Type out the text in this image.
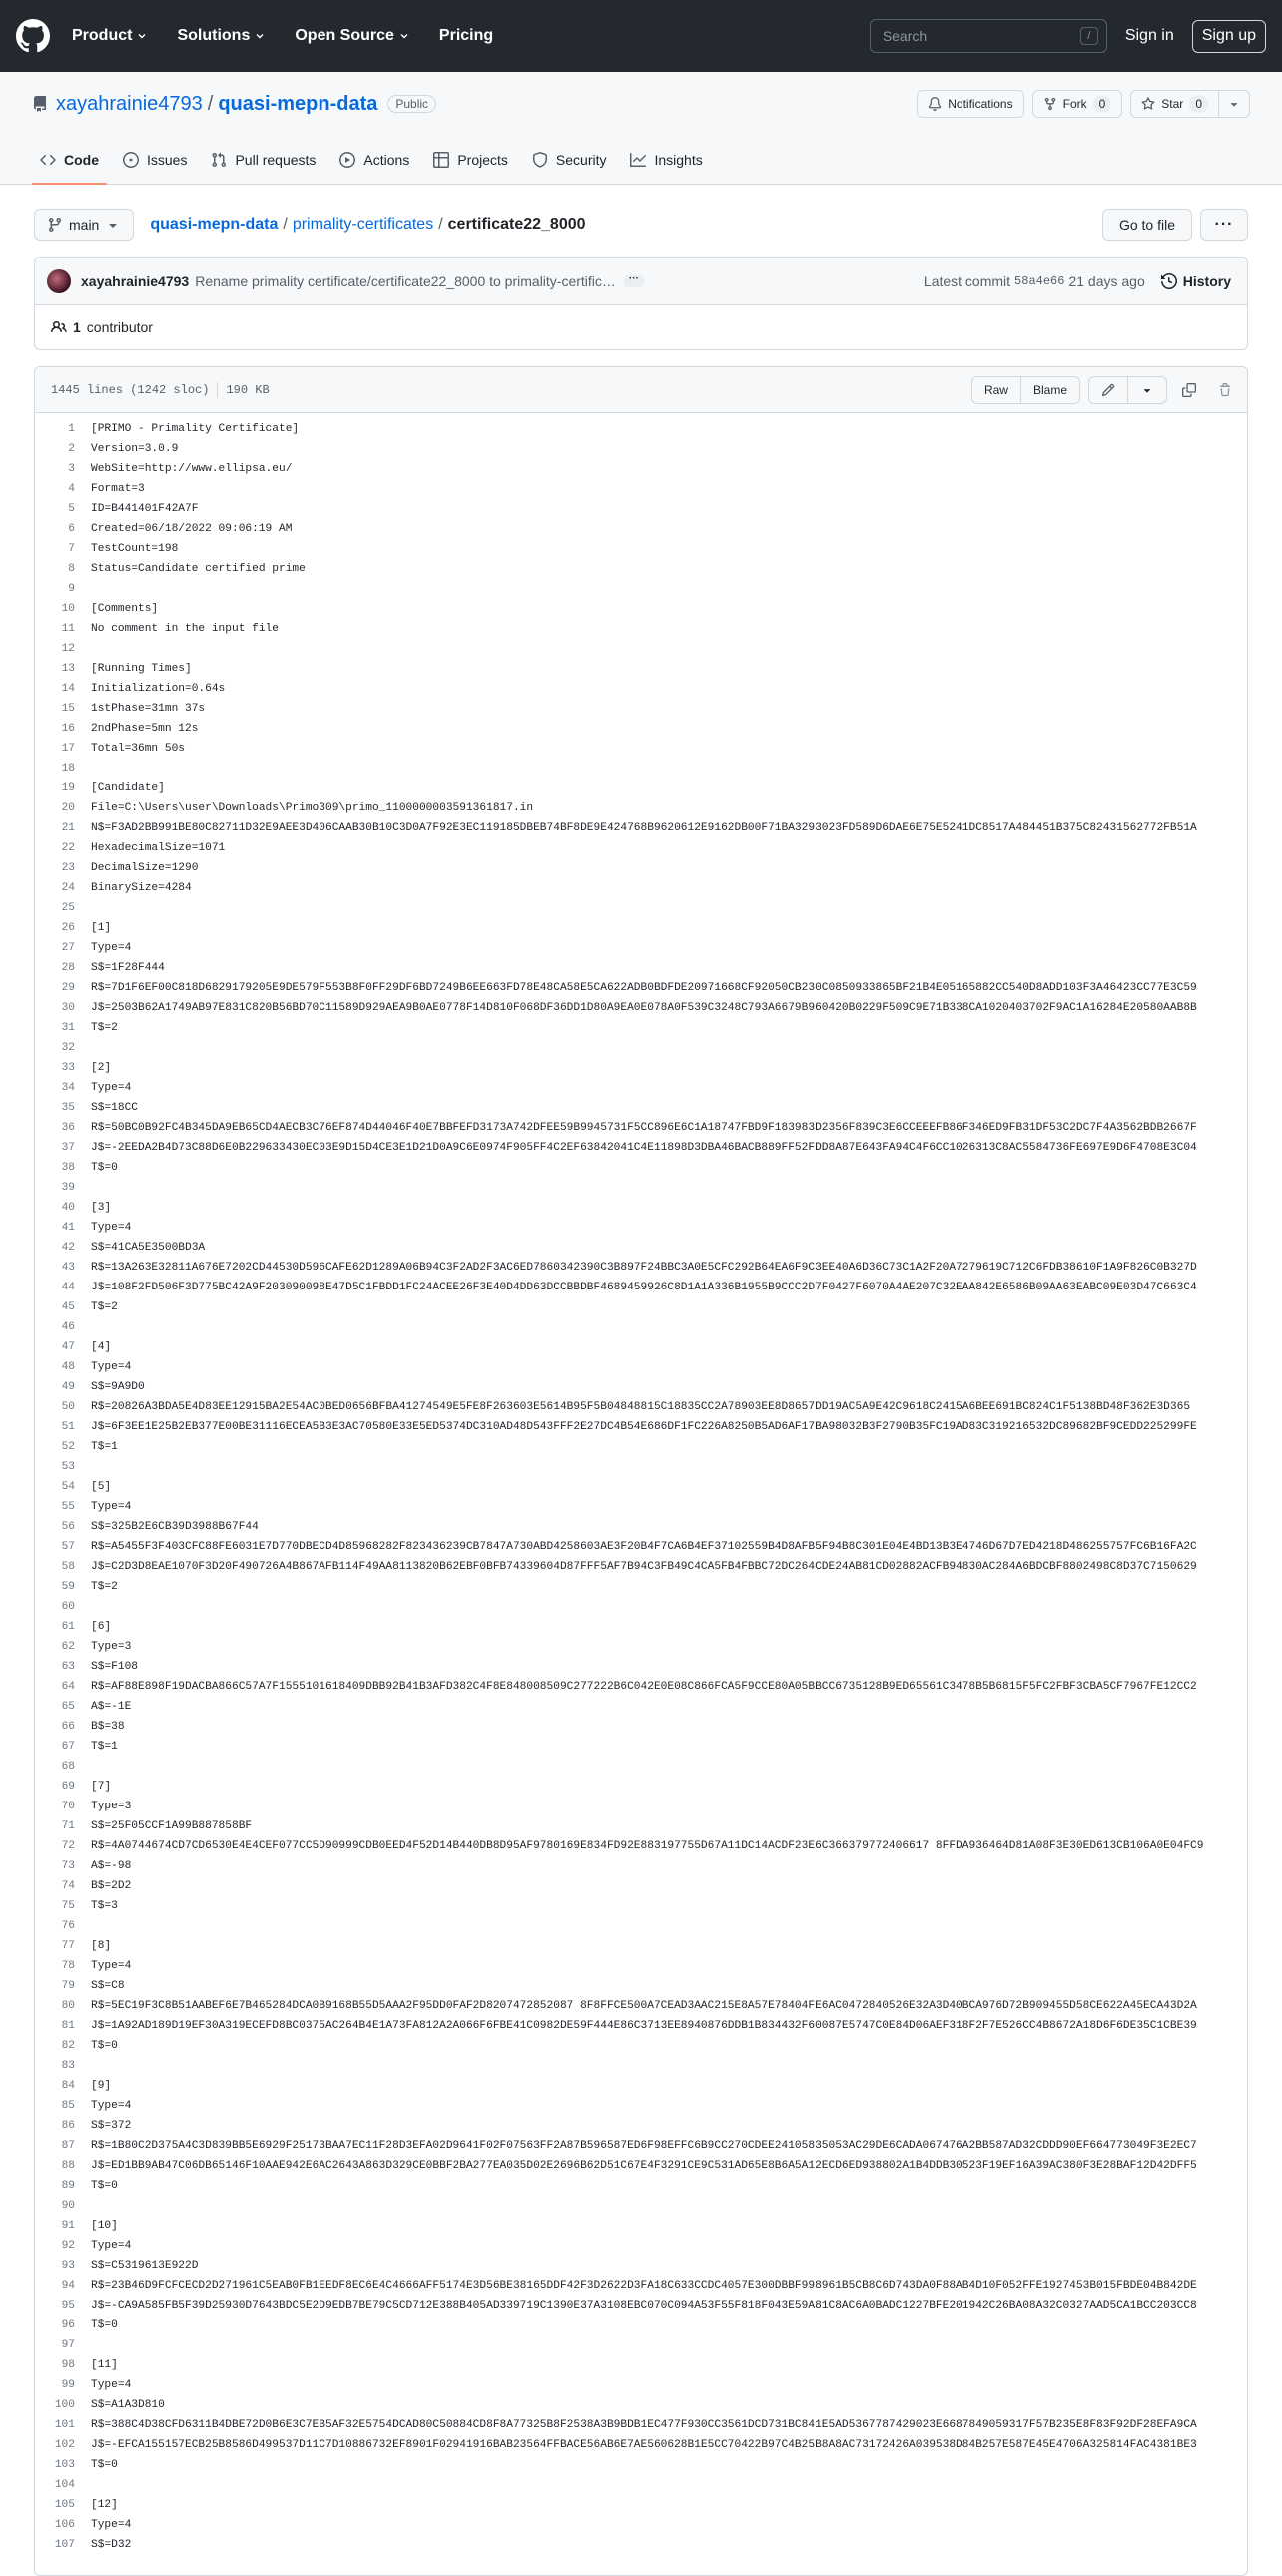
Product	Solutions	Open Source	Pricing	Search	/	Sign in	Sign up
xayahrainie4793 / quasi-mepn-data	Public	Notifications	Fork	0	Star	0
Code	Issues	Pull requests	Actions	Projects	Security	Insights
main	quasi-mepn-data / primality-certificates / certificate22_8000	Go to file	···
xayahrainie4793 Rename primality certificate/certificate22_8000 to primality-certific…	···	Latest commit 58a4e66 21 days ago	History
1 contributor
1445 lines (1242 sloc) 190 KB	Raw	Blame
1	[PRIMO - Primality Certificate]
2	Version=3.0.9
3	WebSite=http://www.ellipsa.eu/
4	Format=3
5	ID=B441401F42A7F
6	Created=06/18/2022 09:06:19 AM
7	TestCount=198
8	Status=Candidate certified prime
9
10	[Comments]
11	No comment in the input file
12
13	[Running Times]
14	Initialization=0.64s
15	1stPhase=31mn 37s
16	2ndPhase=5mn 12s
17	Total=36mn 50s
18
19	[Candidate]
20	File=C:\Users\user\Downloads\Primo309\primo_1100000003591361817.in
21	N$=F3AD2BB991BE80C82711D32E9AEE3D406CAAB30B10C3D0A7F92E3EC119185DBEB74BF8DE9E424768B9620612E9162DB00F71BA3293023FD589D6DAE6E75E5241DC8517A484451B375C82431562772FB51A
22	HexadecimalSize=1071
23	DecimalSize=1290
24	BinarySize=4284
25
26	[1]
27	Type=4
28	S$=1F28F444
29	R$=7D1F6EF00C818D6829179205E9DE579F553B8F0FF29DF6BD7249B6EE663FD78E48CA58E5CA622ADB0BDFDE20971668CF92050CB230C0850933865BF21B4E05165882CC540D8ADD103F3A46423CC77E3C59
30	J$=2503B62A1749AB97E831C820B56BD70C11589D929AEA9B0AE0778F14D810F068DF36DD1D80A9EA0E078A0F539C3248C793A6679B960420B0229F509C9E71B338CA1020403702F9AC1A16284E20580AAB8B
31	T$=2
32
33	[2]
34	Type=4
35	S$=18CC
36	R$=50BC0B92FC4B345DA9EB65CD4AECB3C76EF874D44046F40E7BBFEFD3173A742DFEE59B9945731F5CC896E6C1A18747FBD9F183983D2356F839C3E6CCEEEFB86F346ED9FB31DF53C2DC7F4A3562BDB2667F
37	J$=-2EEDA2B4D73C88D6E0B229633430EC03E9D15D4CE3E1D21D0A9C6E0974F905FF4C2EF63842041C4E11898D3DBA46BACB889FF52FDD8A87E643FA94C4F6CC1026313C8AC5584736FE697E9D6F4708E3C04
38	T$=0
39
40	[3]
41	Type=4
42	S$=41CA5E3500BD3A
43	R$=13A263E32811A676E7202CD44530D596CAFE62D1289A06B94C3F2AD2F3AC6ED7860342390C3B897F24BBC3A0E5CFC292B64EA6F9C3EE40A6D36C73C1A2F20A7279619C712C6FDB38610F1A9F826C0B327D
44	J$=108F2FD506F3D775BC42A9F203090098E47D5C1FBDD1FC24ACEE26F3E40D4DD63DCCBBDBF4689459926C8D1A1A336B1955B9CCC2D7F0427F6070A4AE207C32EAA842E6586B09AA63EABC09E03D47C663C4
45	T$=2
46
47	[4]
48	Type=4
49	S$=9A9D0
50	R$=20826A3BDA5E4D83EE12915BA2E54AC0BED0656BFBA41274549E5FE8F263603E5614B95F5B04848815C18835CC2A78903EE8D8657DD19AC5A9E42C9618C2415A6BEE691BC824C1F5138BD48F362E3D365
51	J$=6F3EE1E25B2EB377E00BE31116ECEA5B3E3AC70580E33E5ED5374DC310AD48D543FFF2E27DC4B54E686DF1FC226A8250B5AD6AF17BA98032B3F2790B35FC19AD83C319216532DC89682BF9CEDD225299FE
52	T$=1
53
54	[5]
55	Type=4
56	S$=325B2E6CB39D3988B67F44
57	R$=A5455F3F403CFC88FE6031E7D770DBECD4D85968282F823436239CB7847A730ABD4258603AE3F20B4F7CA6B4EF37102559B4D8AFB5F94B8C301E04E4BD13B3E4746D67D7ED4218D486255757FC6B16FA2C
58	J$=C2D3D8EAE1070F3D20F490726A4B867AFB114F49AA8113820B62EBF0BFB74339604D87FFF5AF7B94C3FB49C4CA5FB4FBBC72DC264CDE24AB81CD02882ACFB94830AC284A6BDCBF8802498C8D37C7150629
59	T$=2
60
61	[6]
62	Type=3
63	S$=F108
64	R$=AF88E898F19DACBA866C57A7F1555101618409DBB92B41B3AFD382C4F8E848008509C277222B6C042E0E08C866FCA5F9CCE80A05BBCC6735128B9ED65561C3478B5B6815F5FC2FBF3CBA5CF7967FE12CC2
65	A$=-1E
66	B$=38
67	T$=1
68
69	[7]
70	Type=3
71	S$=25F05CCF1A99B887858BF
72	R$=4A0744674CD7CD6530E4E4CEF077CC5D90999CDB0EED4F52D14B440DB8D95AF9780169E834FD92E883197755D67A11DC14ACDF23E6C366379772406617 8FFDA936464D81A08F3E30ED613CB106A0E04FC9
73	A$=-98
74	B$=2D2
75	T$=3
76
77	[8]
78	Type=4
79	S$=C8
80	R$=5EC19F3C8B51AABEF6E7B465284DCA0B9168B55D5AAA2F95DD0FAF2D8207472852087 8F8FFCE500A7CEAD3AAC215E8A57E78404FE6AC0472840526E32A3D40BCA976D72B909455D58CE622A45ECA43D2A
81	J$=1A92AD189D19EF30A319ECEFD8BC0375AC264B4E1A73FA812A2A066F6FBE41C0982DE59F444E86C3713EE8940876DDB1B834432F60087E5747C0E84D06AEF318F2F7E526CC4B8672A18D6F6DE35C1CBE39
82	T$=0
83
84	[9]
85	Type=4
86	S$=372
87	R$=1B80C2D375A4C3D839BB5E6929F25173BAA7EC11F28D3EFA02D9641F02F07563FF2A87B596587ED6F98EFFC6B9CC270CDEE24105835053AC29DE6CADA067476A2BB587AD32CDDD90EF664773049F3E2EC7
88	J$=ED1BB9AB47C06DB65146F10AAE942E6AC2643A863D329CE0BBF2BA277EA035D02E2696B62D51C67E4F3291CE9C531AD65E8B6A5A12ECD6ED938802A1B4DDB30523F19EF16A39AC380F3E28BAF12D42DFF5
89	T$=0
90
91	[10]
92	Type=4
93	S$=C5319613E922D
94	R$=23B46D9FCFCECD2D271961C5EAB0FB1EEDF8EC6E4C4666AFF5174E3D56BE38165DDF42F3D2622D3FA18C633CCDC4057E300DBBF998961B5CB8C6D743DA0F88AB4D10F052FFE1927453B015FBDE04B842DE
95	J$=-CA9A585FB5F39D25930D7643BDC5E2D9EDB7BE79C5CD712E388B405AD339719C1390E37A3108EBC070C094A53F55F818F043E59A81C8AC6A0BADC1227BFE201942C26BA08A32C0327AAD5CA1BCC203CC8
96	T$=0
97
98	[11]
99	Type=4
100	S$=A1A3D810
101	R$=388C4D38CFD6311B4DBE72D0B6E3C7EB5AF32E5754DCAD80C50884CD8F8A77325B8F2538A3B9BDB1EC477F930CC3561DCD731BC841E5AD5367787429023E6687849059317F57B235E8F83F92DF28EFA9CA
102	J$=-EFCA155157ECB25B8586D499537D11C7D10886732EF8901F02941916BAB23564FFBACE56AB6E7AE560628B1E5CC70422B97C4B25B8A8AC73172426A039538D84B257E587E45E4706A325814FAC4381BE3
103	T$=0
104
105	[12]
106	Type=4
107	S$=D32
